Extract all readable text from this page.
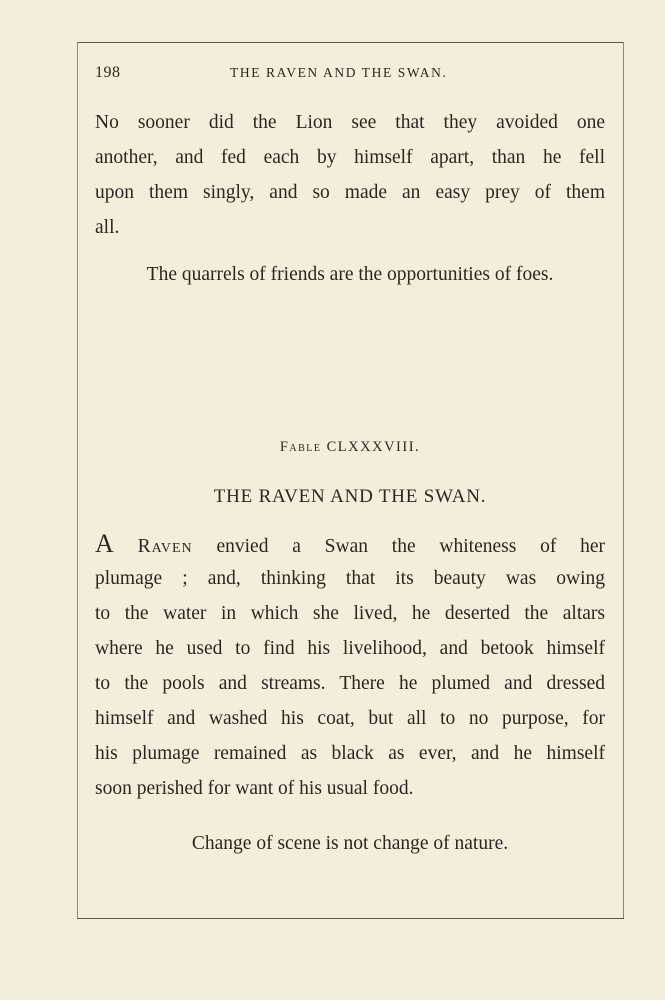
198	THE RAVEN AND THE SWAN.
No sooner did the Lion see that they avoided one
another, and fed each by himself apart, than he fell
upon them singly, and so made an easy prey of them
all.
The quarrels of friends are the opportunities of foes.
Fable CLXXXVIII.
THE RAVEN AND THE SWAN.
A Raven envied a Swan the whiteness of her
plumage ; and, thinking that its beauty was owing
to the water in which she lived, he deserted the altars
where he used to find his livelihood, and betook himself
to the pools and streams. There he plumed and dressed
himself and washed his coat, but all to no purpose, for
his plumage remained as black as ever, and he himself
soon perished for want of his usual food.
Change of scene is not change of nature.
